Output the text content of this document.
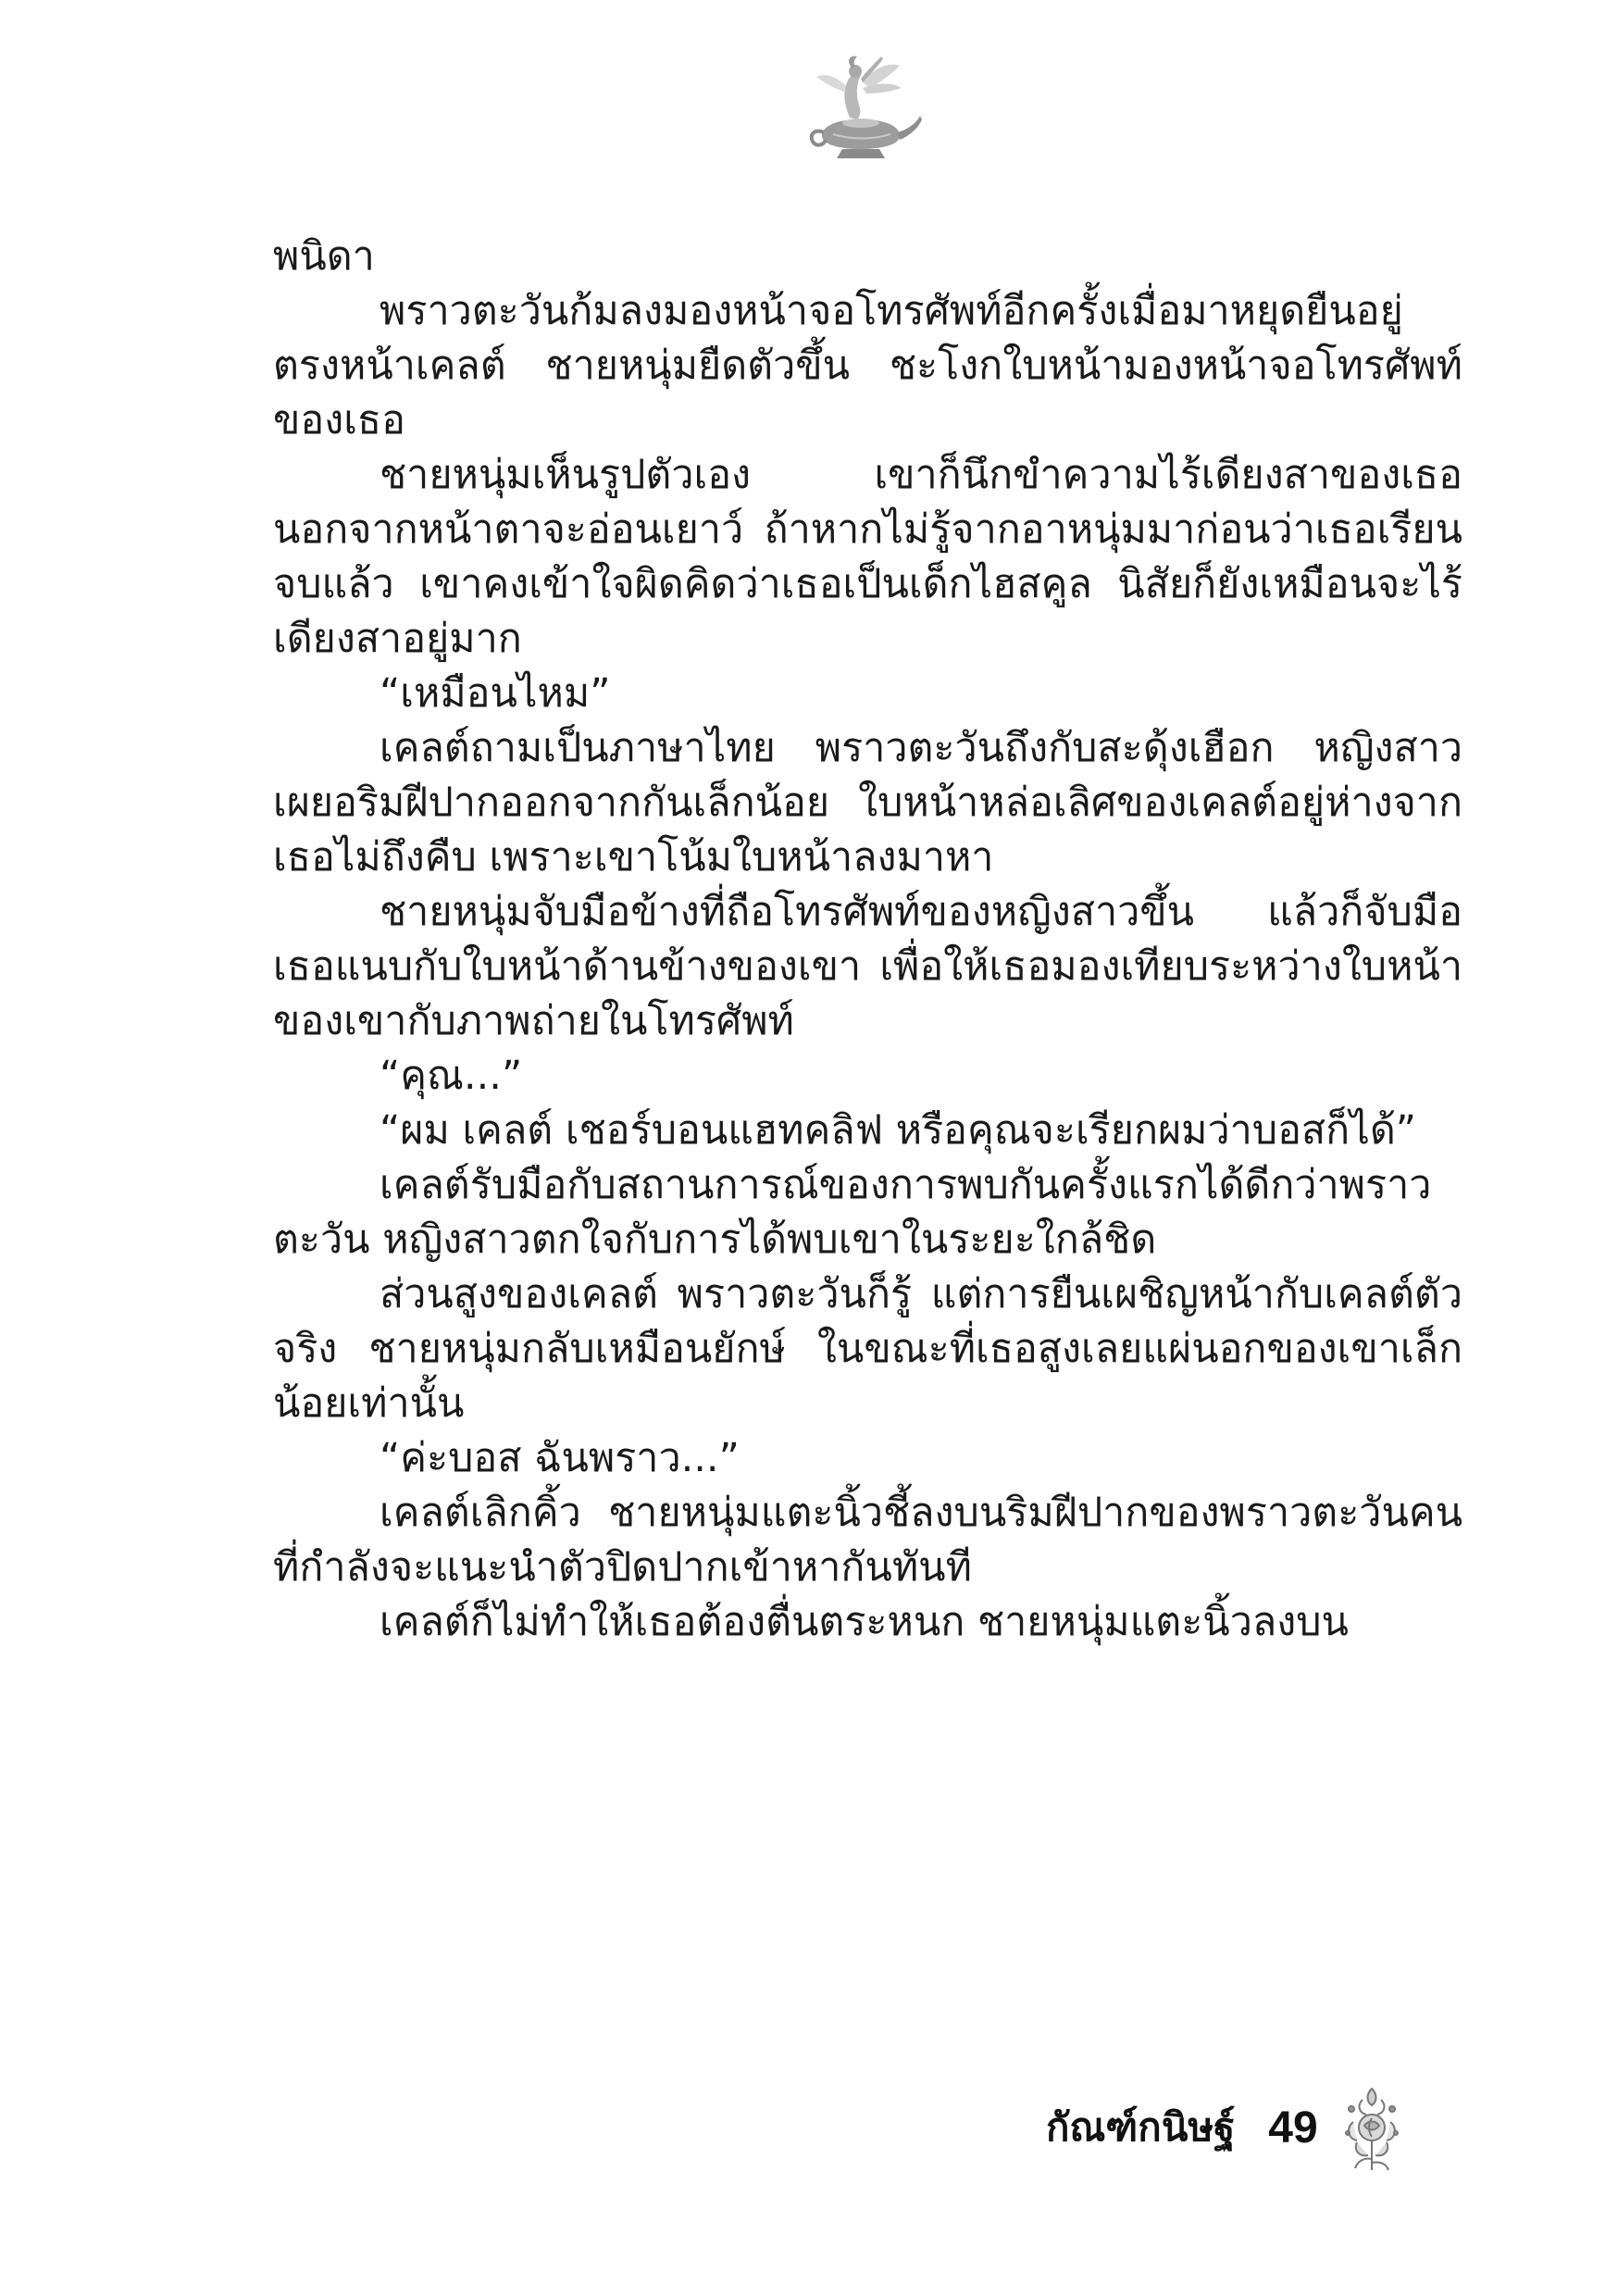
พนิดา

พราวตะวันก้มลงมองหน้าจอโทรศัพท์อีกครั้งเมื่อมาหยุดยืนอยู่ตรงหน้าเคลต์ ชายหนุ่มยืดตัวขึ้น ชะโงกใบหน้ามองหน้าจอโทรศัพท์ของเธอ

ชายหนุ่มเห็นรูปตัวเอง เขาก็นึกขำความไร้เดียงสาของเธอ นอกจากหน้าตาจะอ่อนเยาว์ ถ้าหากไม่รู้จากอาหนุ่มมาก่อนว่าเธอเรียนจบแล้ว เขาคงเข้าใจผิดคิดว่าเธอเป็นเด็กไฮสคูล นิสัยก็ยังเหมือนจะไร้เดียงสาอยู่มาก

“เหมือนไหม”

เคลต์ถามเป็นภาษาไทย พราวตะวันถึงกับสะดุ้งเฮือก หญิงสาวเผยอริมฝีปากออกจากกันเล็กน้อย ใบหน้าหล่อเลิศของเคลต์อยู่ห่างจากเธอไม่ถึงคืบ เพราะเขาโน้มใบหน้าลงมาหา

ชายหนุ่มจับมือข้างที่ถือโทรศัพท์ของหญิงสาวขึ้น แล้วก็จับมือเธอแนบกับใบหน้าด้านข้างของเขา เพื่อให้เธอมองเทียบระหว่างใบหน้าของเขากับภาพถ่ายในโทรศัพท์

“คุณ...”

“ผม เคลต์ เชอร์บอนแฮทคลิฟ หรือคุณจะเรียกผมว่าบอสก็ได้”

เคลต์รับมือกับสถานการณ์ของการพบกันครั้งแรกได้ดีกว่าพราวตะวัน หญิงสาวตกใจกับการได้พบเขาในระยะใกล้ชิด

ส่วนสูงของเคลต์ พราวตะวันก็รู้ แต่การยืนเผชิญหน้ากับเคลต์ตัวจริง ชายหนุ่มกลับเหมือนยักษ์ ในขณะที่เธอสูงเลยแผ่นอกของเขาเล็กน้อยเท่านั้น

“ค่ะบอส ฉันพราว...”

เคลต์เลิกคิ้ว ชายหนุ่มแตะนิ้วชี้ลงบนริมฝีปากของพราวตะวันคนที่กำลังจะแนะนำตัวปิดปากเข้าหากันทันที

เคลต์ก็ไม่ทำให้เธอต้องตื่นตระหนก ชายหนุ่มแตะนิ้วลงบน

กัณฑ์กนิษฐ์ 49
